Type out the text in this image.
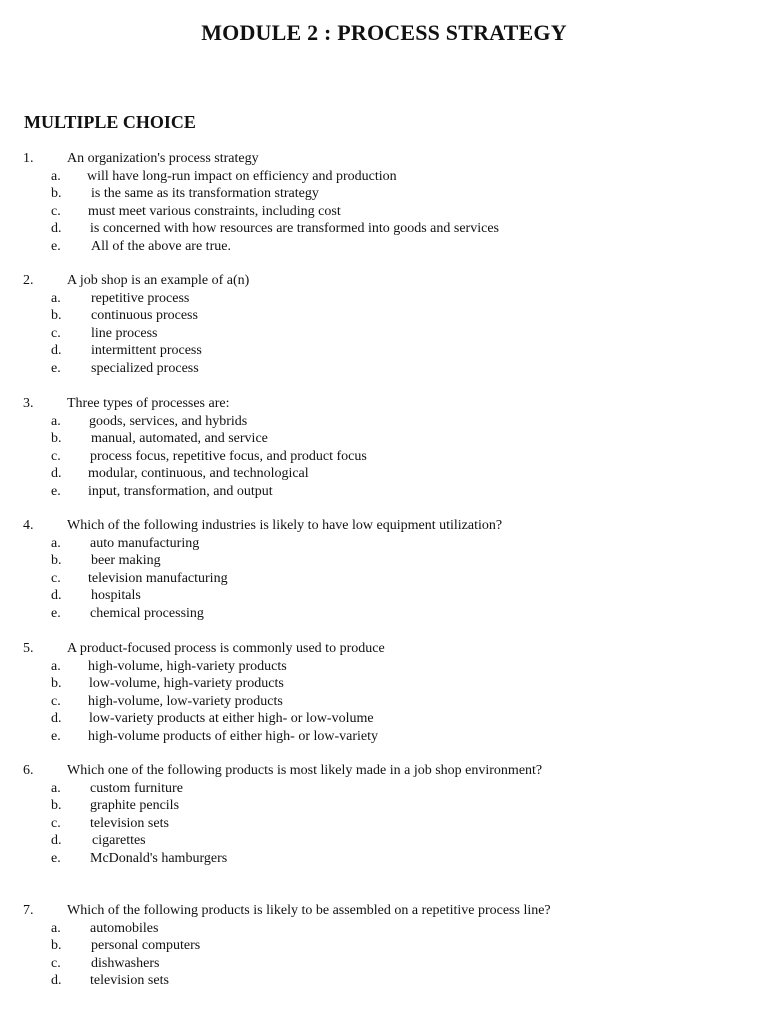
MODULE 2 : PROCESS STRATEGY
MULTIPLE CHOICE
1. An organization's process strategy
a. will have long-run impact on efficiency and production
b. is the same as its transformation strategy
c. must meet various constraints, including cost
d. is concerned with how resources are transformed into goods and services
e. All of the above are true.
2. A job shop is an example of a(n)
a. repetitive process
b. continuous process
c. line process
d. intermittent process
e. specialized process
3. Three types of processes are:
a. goods, services, and hybrids
b. manual, automated, and service
c. process focus, repetitive focus, and product focus
d. modular, continuous, and technological
e. input, transformation, and output
4. Which of the following industries is likely to have low equipment utilization?
a. auto manufacturing
b. beer making
c. television manufacturing
d. hospitals
e. chemical processing
5. A product-focused process is commonly used to produce
a. high-volume, high-variety products
b. low-volume, high-variety products
c. high-volume, low-variety products
d. low-variety products at either high- or low-volume
e. high-volume products of either high- or low-variety
6. Which one of the following products is most likely made in a job shop environment?
a. custom furniture
b. graphite pencils
c. television sets
d. cigarettes
e. McDonald's hamburgers
7. Which of the following products is likely to be assembled on a repetitive process line?
a. automobiles
b. personal computers
c. dishwashers
d. television sets
